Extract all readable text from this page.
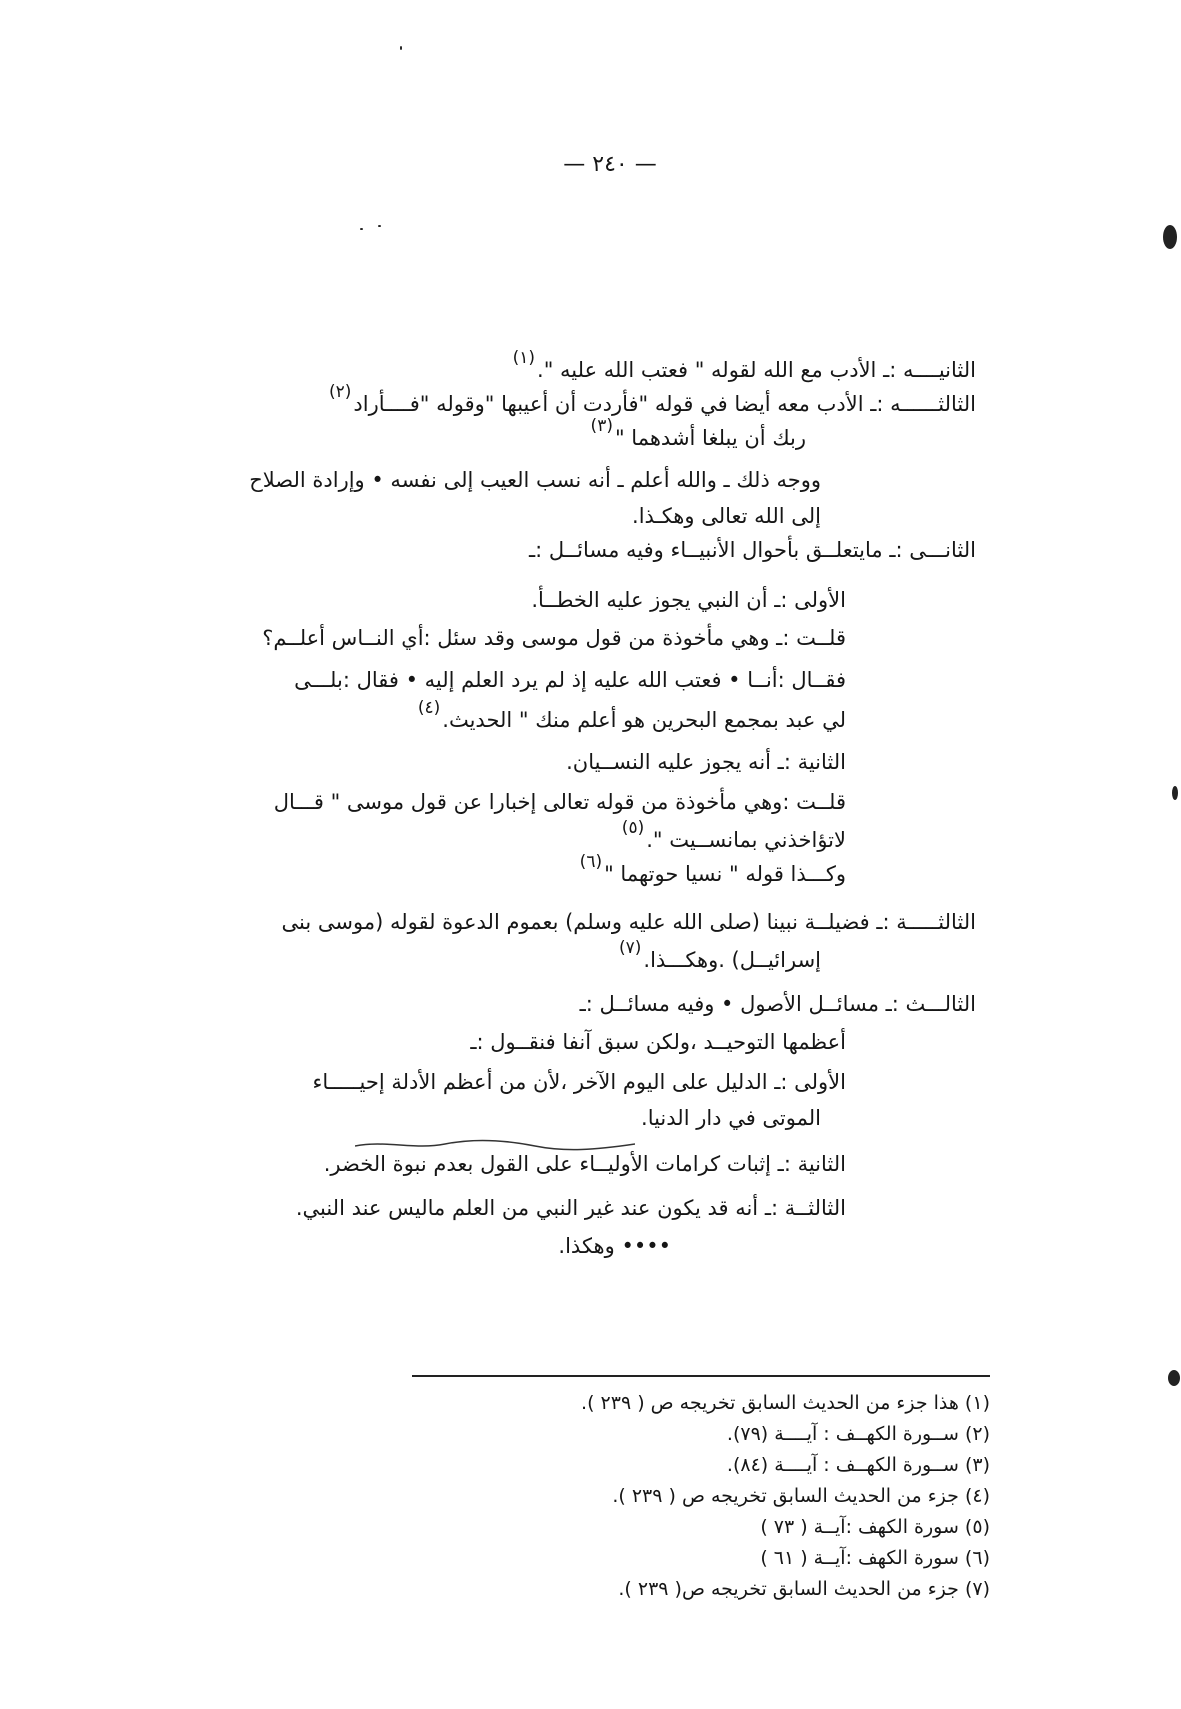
— ٢٤٠ —
الثانيــــه :ـ الأدب مع الله لقوله " فعتب الله عليه ".$^{(١)}$
الثالثــــــه :ـ الأدب معه أيضا في قوله "فأردت أن أعيبها "وقوله "فــــأراد$^{(٢)}$
ربك أن يبلغا أشدهما "$^{(٣)}$
ووجه ذلك ـ والله أعلم ـ أنه نسب العيب إلى نفسه • وإرادة الصلاح
إلى الله تعالى وهكـذا.
الثانـــى :ـ مايتعلــق بأحوال الأنبيــاء وفيه مسائــل :ـ
الأولى :ـ أن النبي يجوز عليه الخطــأ.
قلــت :ـ وهي مأخوذة من قول موسى وقد سئل :أي النــاس أعلــم؟
فقــال :أنــا • فعتب الله عليه إذ لم يرد العلم إليه • فقال :بلـــى
لي عبد بمجمع البحرين هو أعلم منك " الحديث.$^{(٤)}$
الثانية :ـ أنه يجوز عليه النســيان.
قلــت :وهي مأخوذة من قوله تعالى إخبارا عن قول موسى " قـــال
لاتؤاخذني بمانســيت ".$^{(٥)}$
وكـــذا قوله " نسيا حوتهما "$^{(٦)}$
الثالثـــــة :ـ فضيلــة نبينا (صلى الله عليه وسلم) بعموم الدعوة لقوله (موسى بنى
إسرائيــل) .وهكـــذا.$^{(٧)}$
الثالـــث :ـ مسائــل الأصول • وفيه مسائــل :ـ
أعظمها التوحيــد ،ولكن سبق آنفا فنقــول :ـ
الأولى :ـ الدليل على اليوم الآخر ،لأن من أعظم الأدلة إحيـــــاء
الموتى في دار الدنيا.
الثانية :ـ إثبات كرامات الأوليــاء على القول بعدم نبوة الخضر.
الثالثــة :ـ أنه قد يكون عند غير النبي من العلم ماليس عند النبي.
•••• وهكذا.
(١) هذا جزء من الحديث السابق تخريجه ص ( ٢٣٩ ).
(٢) ســورة الكهــف : آيــــة (٧٩).
(٣) ســورة الكهــف : آيــــة (٨٤).
(٤) جزء من الحديث السابق تخريجه ص ( ٢٣٩ ).
(٥) سورة الكهف :آيــة ( ٧٣ )
(٦) سورة الكهف :آيــة ( ٦١ )
(٧) جزء من الحديث السابق تخريجه ص( ٢٣٩ ).
